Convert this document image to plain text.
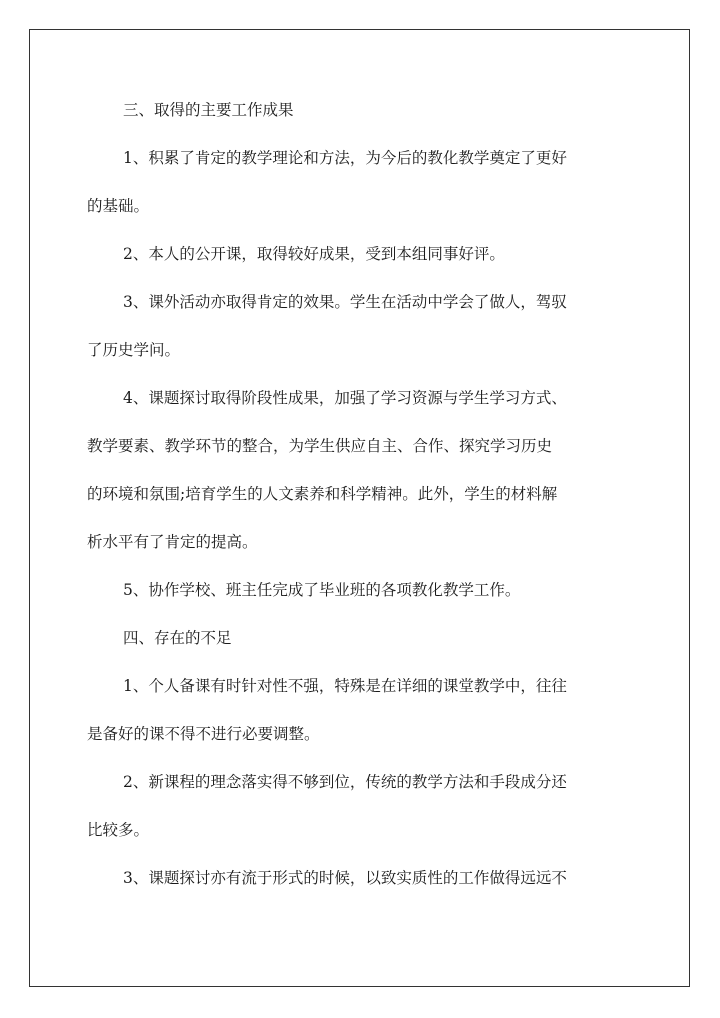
三、取得的主要工作成果
1、积累了肯定的教学理论和方法，为今后的教化教学奠定了更好
的基础。
2、本人的公开课，取得较好成果，受到本组同事好评。
3、课外活动亦取得肯定的效果。学生在活动中学会了做人，驾驭
了历史学问。
4、课题探讨取得阶段性成果，加强了学习资源与学生学习方式、
教学要素、教学环节的整合，为学生供应自主、合作、探究学习历史
的环境和氛围;培育学生的人文素养和科学精神。此外，学生的材料解
析水平有了肯定的提高。
5、协作学校、班主任完成了毕业班的各项教化教学工作。
四、存在的不足
1、个人备课有时针对性不强，特殊是在详细的课堂教学中，往往
是备好的课不得不进行必要调整。
2、新课程的理念落实得不够到位，传统的教学方法和手段成分还
比较多。
3、课题探讨亦有流于形式的时候，以致实质性的工作做得远远不
